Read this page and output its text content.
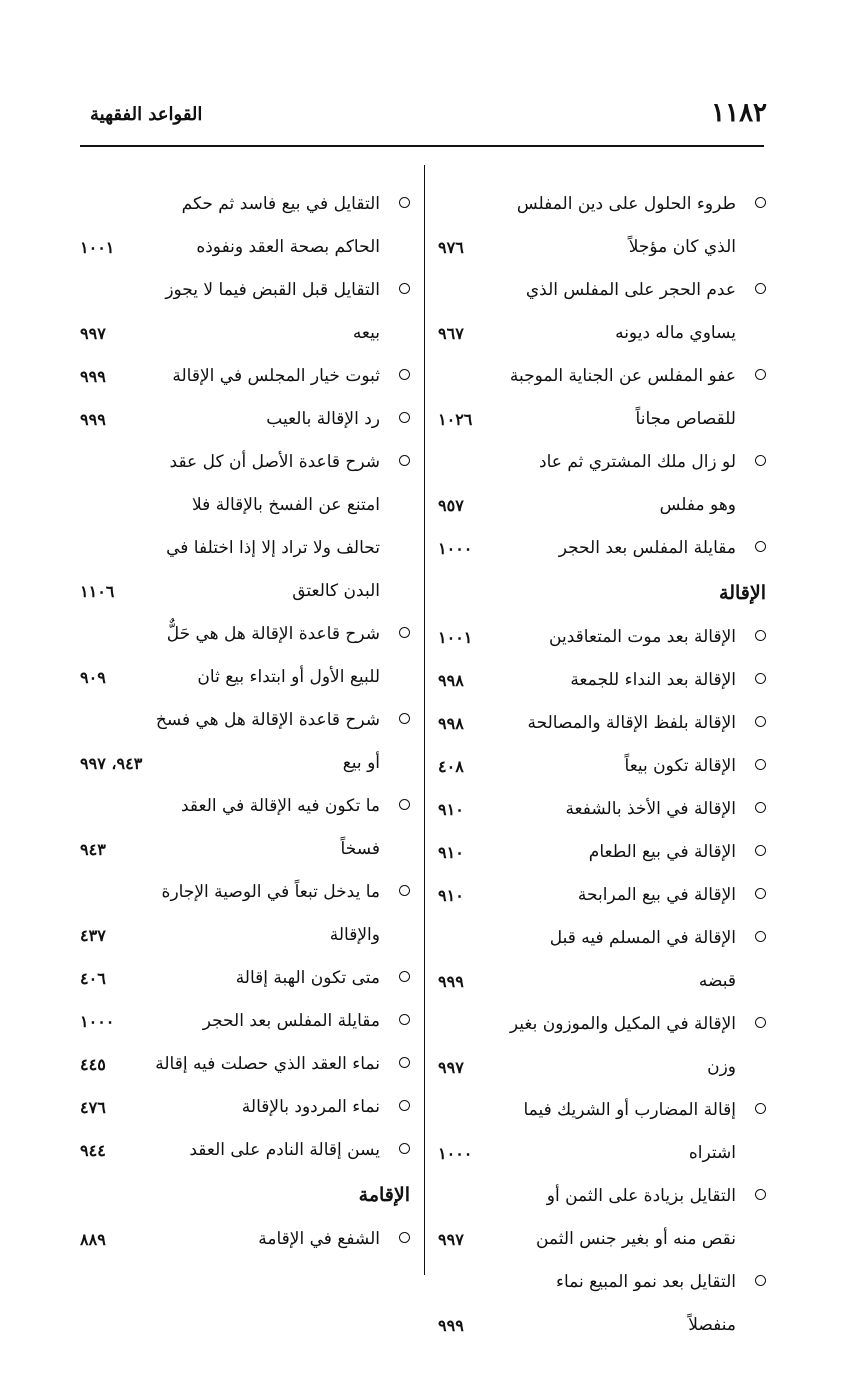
١١٨٢
القواعد الفقهية
طروء الحلول على دين المفلس الذي كان مؤجلاً
٩٧٦
عدم الحجر على المفلس الذي يساوي ماله ديونه
٩٦٧
عفو المفلس عن الجناية الموجبة للقصاص مجاناً
١٠٢٦
لو زال ملك المشتري ثم عاد وهو مفلس
٩٥٧
مقايلة المفلس بعد الحجر
١٠٠٠
الإقالة
الإقالة بعد موت المتعاقدين
١٠٠١
الإقالة بعد النداء للجمعة
٩٩٨
الإقالة بلفظ الإقالة والمصالحة
٩٩٨
الإقالة تكون بيعاً
٤٠٨
الإقالة في الأخذ بالشفعة
٩١٠
الإقالة في بيع الطعام
٩١٠
الإقالة في بيع المرابحة
٩١٠
الإقالة في المسلم فيه قبل قبضه
٩٩٩
الإقالة في المكيل والموزون بغير وزن
٩٩٧
إقالة المضارب أو الشريك فيما اشتراه
١٠٠٠
التقايل بزيادة على الثمن أو نقص منه أو بغير جنس الثمن
٩٩٧
التقايل بعد نمو المبيع نماء منفصلاً
٩٩٩
التقايل في بيع فاسد ثم حكم الحاكم بصحة العقد ونفوذه
١٠٠١
التقايل قبل القبض فيما لا يجوز بيعه
٩٩٧
ثبوت خيار المجلس في الإقالة
٩٩٩
رد الإقالة بالعيب
٩٩٩
شرح قاعدة الأصل أن كل عقد امتنع عن الفسخ بالإقالة فلا تحالف ولا تراد إلا إذا اختلفا في البدن كالعتق
١١٠٦
شرح قاعدة الإقالة هل هي حَلٌّ للبيع الأول أو ابتداء بيع ثان
٩٠٩
شرح قاعدة الإقالة هل هي فسخ أو بيع
٩٤٣، ٩٩٧
ما تكون فيه الإقالة في العقد فسخاً
٩٤٣
ما يدخل تبعاً في الوصية الإجارة والإقالة
٤٣٧
متى تكون الهبة إقالة
٤٠٦
مقايلة المفلس بعد الحجر
١٠٠٠
نماء العقد الذي حصلت فيه إقالة
٤٤٥
نماء المردود بالإقالة
٤٧٦
يسن إقالة النادم على العقد
٩٤٤
الإقامة
الشفع في الإقامة
٨٨٩
